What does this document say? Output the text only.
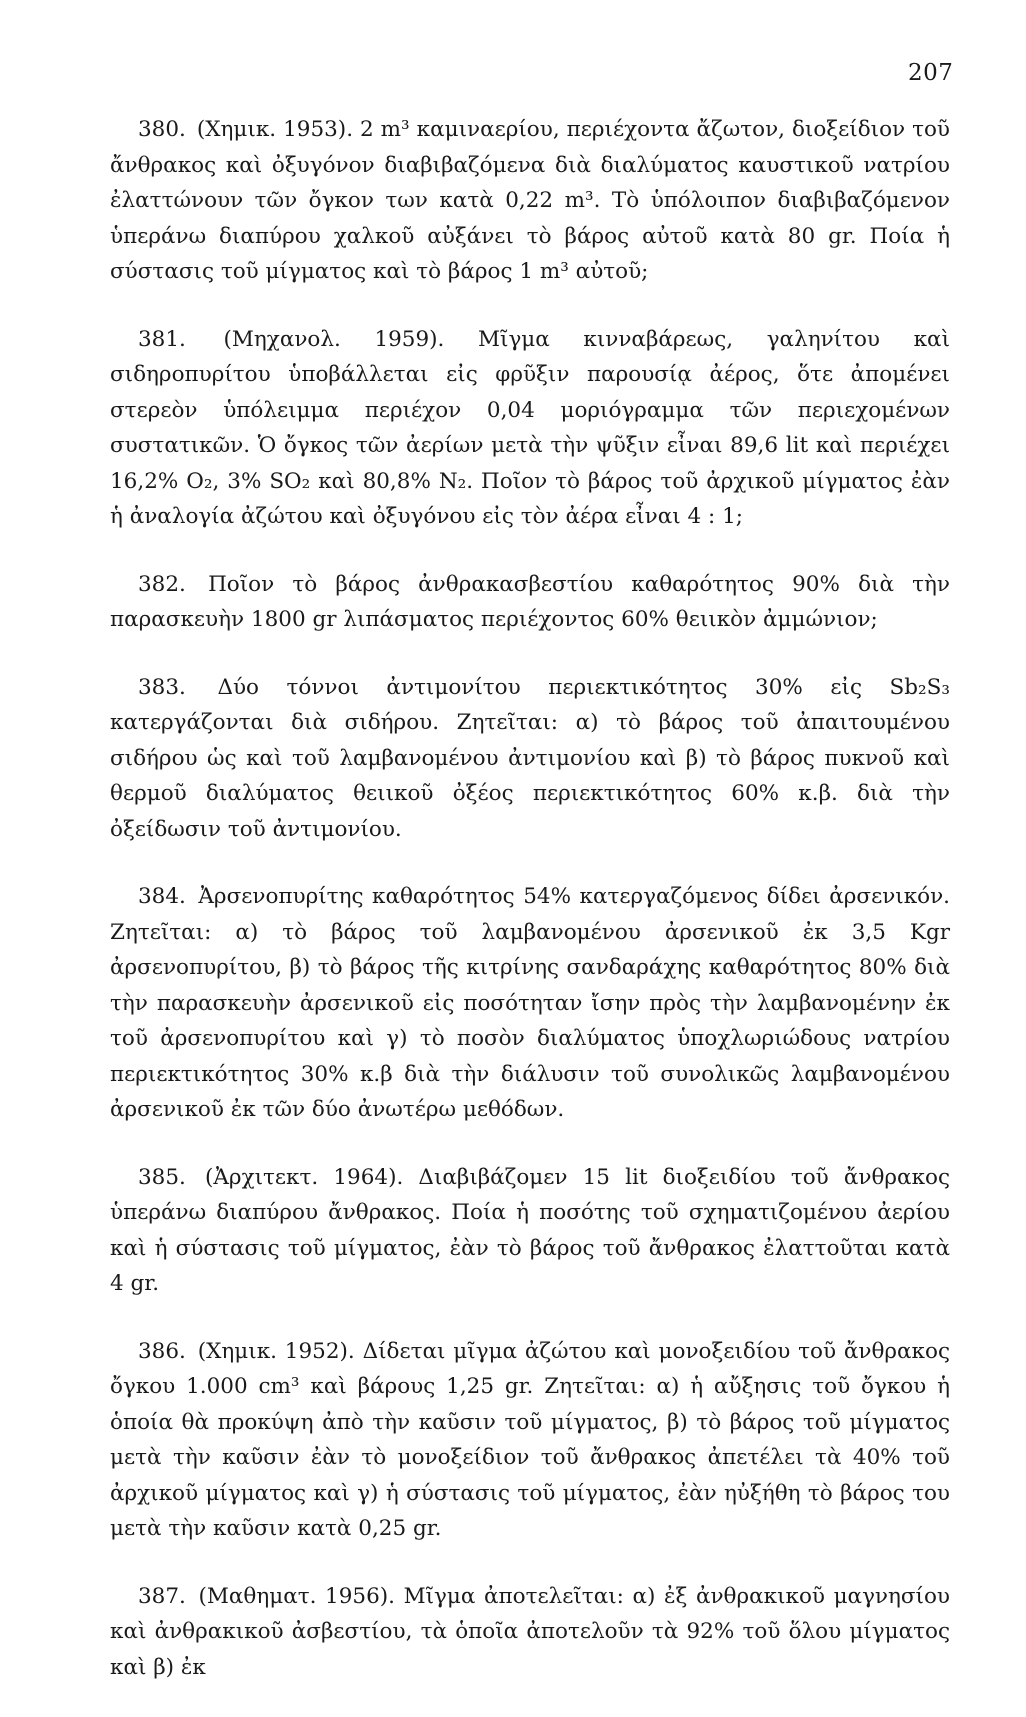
207

380. (Χημικ. 1953). 2 m³ καμιναερίου, περιέχοντα ἄζωτον, διοξείδιον τοῦ ἄνθρακος καὶ ὀξυγόνον διαβιβαζόμενα διὰ διαλύματος καυστικοῦ νατρίου ἐλαττώνουν τῶν ὄγκον των κατὰ 0,22 m³. Τὸ ὑπόλοιπον διαβιβαζόμενον ὑπεράνω διαπύρου χαλκοῦ αὐξάνει τὸ βάρος αὐτοῦ κατὰ 80 gr. Ποία ἡ σύστασις τοῦ μίγματος καὶ τὸ βάρος 1 m³ αὐτοῦ;

381. (Μηχανολ. 1959). Μῖγμα κινναβάρεως, γαληνίτου καὶ σιδηροπυρίτου ὑποβάλλεται εἰς φρῦξιν παρουσίᾳ ἀέρος, ὅτε ἀπομένει στερεὸν ὑπόλειμμα περιέχον 0,04 μοριόγραμμα τῶν περιεχομένων συστατικῶν. Ὁ ὄγκος τῶν ἀερίων μετὰ τὴν ψῦξιν εἶναι 89,6 lit καὶ περιέχει 16,2% O₂, 3% SO₂ καὶ 80,8% N₂. Ποῖον τὸ βάρος τοῦ ἀρχικοῦ μίγματος ἐὰν ἡ ἀναλογία ἀζώτου καὶ ὀξυγόνου εἰς τὸν ἀέρα εἶναι 4 : 1;

382. Ποῖον τὸ βάρος ἀνθρακασβεστίου καθαρότητος 90% διὰ τὴν παρασκευὴν 1800 gr λιπάσματος περιέχοντος 60% θειικὸν ἀμμώνιον;

383. Δύο τόννοι ἀντιμονίτου περιεκτικότητος 30% εἰς Sb₂S₃ κατεργάζονται διὰ σιδήρου. Ζητεῖται: α) τὸ βάρος τοῦ ἀπαιτουμένου σιδήρου ὡς καὶ τοῦ λαμβανομένου ἀντιμονίου καὶ β) τὸ βάρος πυκνοῦ καὶ θερμοῦ διαλύματος θειικοῦ ὀξέος περιεκτικότητος 60% κ.β. διὰ τὴν ὀξείδωσιν τοῦ ἀντιμονίου.

384. Ἀρσενοπυρίτης καθαρότητος 54% κατεργαζόμενος δίδει ἀρσενικόν. Ζητεῖται: α) τὸ βάρος τοῦ λαμβανομένου ἀρσενικοῦ ἐκ 3,5 Kgr ἀρσενοπυρίτου, β) τὸ βάρος τῆς κιτρίνης σανδαράχης καθαρότητος 80% διὰ τὴν παρασκευὴν ἀρσενικοῦ εἰς ποσότηταν ἴσην πρὸς τὴν λαμβανομένην ἐκ τοῦ ἀρσενοπυρίτου καὶ γ) τὸ ποσὸν διαλύματος ὑποχλωριώδους νατρίου περιεκτικότητος 30% κ.β διὰ τὴν διάλυσιν τοῦ συνολικῶς λαμβανομένου ἀρσενικοῦ ἐκ τῶν δύο ἀνωτέρω μεθόδων.

385. (Ἀρχιτεκτ. 1964). Διαβιβάζομεν 15 lit διοξειδίου τοῦ ἄνθρακος ὑπεράνω διαπύρου ἄνθρακος. Ποία ἡ ποσότης τοῦ σχηματιζομένου ἀερίου καὶ ἡ σύστασις τοῦ μίγματος, ἐὰν τὸ βάρος τοῦ ἄνθρακος ἐλαττοῦται κατὰ 4 gr.

386. (Χημικ. 1952). Δίδεται μῖγμα ἀζώτου καὶ μονοξειδίου τοῦ ἄνθρακος ὄγκου 1.000 cm³ καὶ βάρους 1,25 gr. Ζητεῖται: α) ἡ αὔξησις τοῦ ὄγκου ἡ ὁποία θὰ προκύψη ἀπὸ τὴν καῦσιν τοῦ μίγματος, β) τὸ βάρος τοῦ μίγματος μετὰ τὴν καῦσιν ἐὰν τὸ μονοξείδιον τοῦ ἄνθρακος ἀπετέλει τὰ 40% τοῦ ἀρχικοῦ μίγματος καὶ γ) ἡ σύστασις τοῦ μίγματος, ἐὰν ηὐξήθη τὸ βάρος του μετὰ τὴν καῦσιν κατὰ 0,25 gr.

387. (Μαθηματ. 1956). Μῖγμα ἀποτελεῖται: α) ἐξ ἀνθρακικοῦ μαγνησίου καὶ ἀνθρακικοῦ ἀσβεστίου, τὰ ὁποῖα ἀποτελοῦν τὰ 92% τοῦ ὅλου μίγματος καὶ β) ἐκ
